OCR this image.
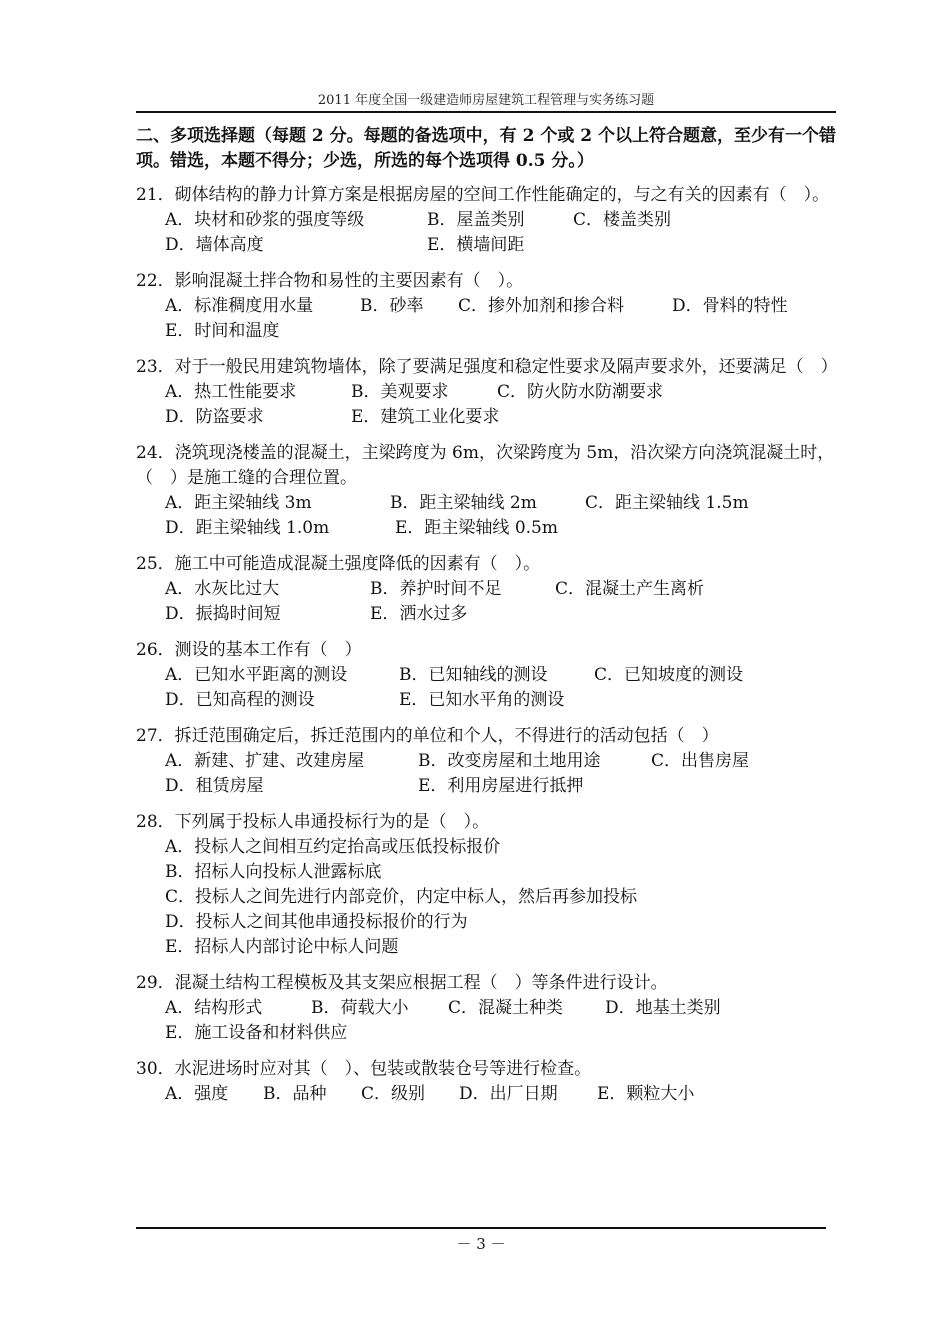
2011 年度全国一级建造师房屋建筑工程管理与实务练习题
二、多项选择题（每题 2 分。每题的备选项中，有 2 个或 2 个以上符合题意，至少有一个错项。错选，本题不得分；少选，所选的每个选项得 0.5 分。）
21．砌体结构的静力计算方案是根据房屋的空间工作性能确定的，与之有关的因素有（　）。
A．块材和砂浆的强度等级	B．屋盖类别	C．楼盖类别
D．墙体高度	E．横墙间距
22．影响混凝土拌合物和易性的主要因素有（　）。
A．标准稠度用水量	B．砂率	C．掺外加剂和掺合料	D．骨料的特性
E．时间和温度
23．对于一般民用建筑物墙体，除了要满足强度和稳定性要求及隔声要求外，还要满足（　）
A．热工性能要求	B．美观要求	C．防火防水防潮要求
D．防盗要求	E．建筑工业化要求
24．浇筑现浇楼盖的混凝土，主梁跨度为 6m，次梁跨度为 5m，沿次梁方向浇筑混凝土时，（　）是施工缝的合理位置。
A．距主梁轴线 3m	B．距主梁轴线 2m	C．距主梁轴线 1.5m
D．距主梁轴线 1.0m	E．距主梁轴线 0.5m
25．施工中可能造成混凝土强度降低的因素有（　）。
A．水灰比过大	B．养护时间不足	C．混凝土产生离析
D．振捣时间短	E．洒水过多
26．测设的基本工作有（　）
A．已知水平距离的测设	B．已知轴线的测设	C．已知坡度的测设
D．已知高程的测设	E．已知水平角的测设
27．拆迁范围确定后，拆迁范围内的单位和个人，不得进行的活动包括（　）
A．新建、扩建、改建房屋	B．改变房屋和土地用途	C．出售房屋
D．租赁房屋	E．利用房屋进行抵押
28．下列属于投标人串通投标行为的是（　）。
A．投标人之间相互约定抬高或压低投标报价
B．招标人向投标人泄露标底
C．投标人之间先进行内部竞价，内定中标人，然后再参加投标
D．投标人之间其他串通投标报价的行为
E．招标人内部讨论中标人问题
29．混凝土结构工程模板及其支架应根据工程（　）等条件进行设计。
A．结构形式	B．荷载大小	C．混凝土种类	D．地基土类别
E．施工设备和材料供应
30．水泥进场时应对其（　）、包装或散装仓号等进行检查。
A．强度	B．品种	C．级别	D．出厂日期	E．颗粒大小
－ 3 －
